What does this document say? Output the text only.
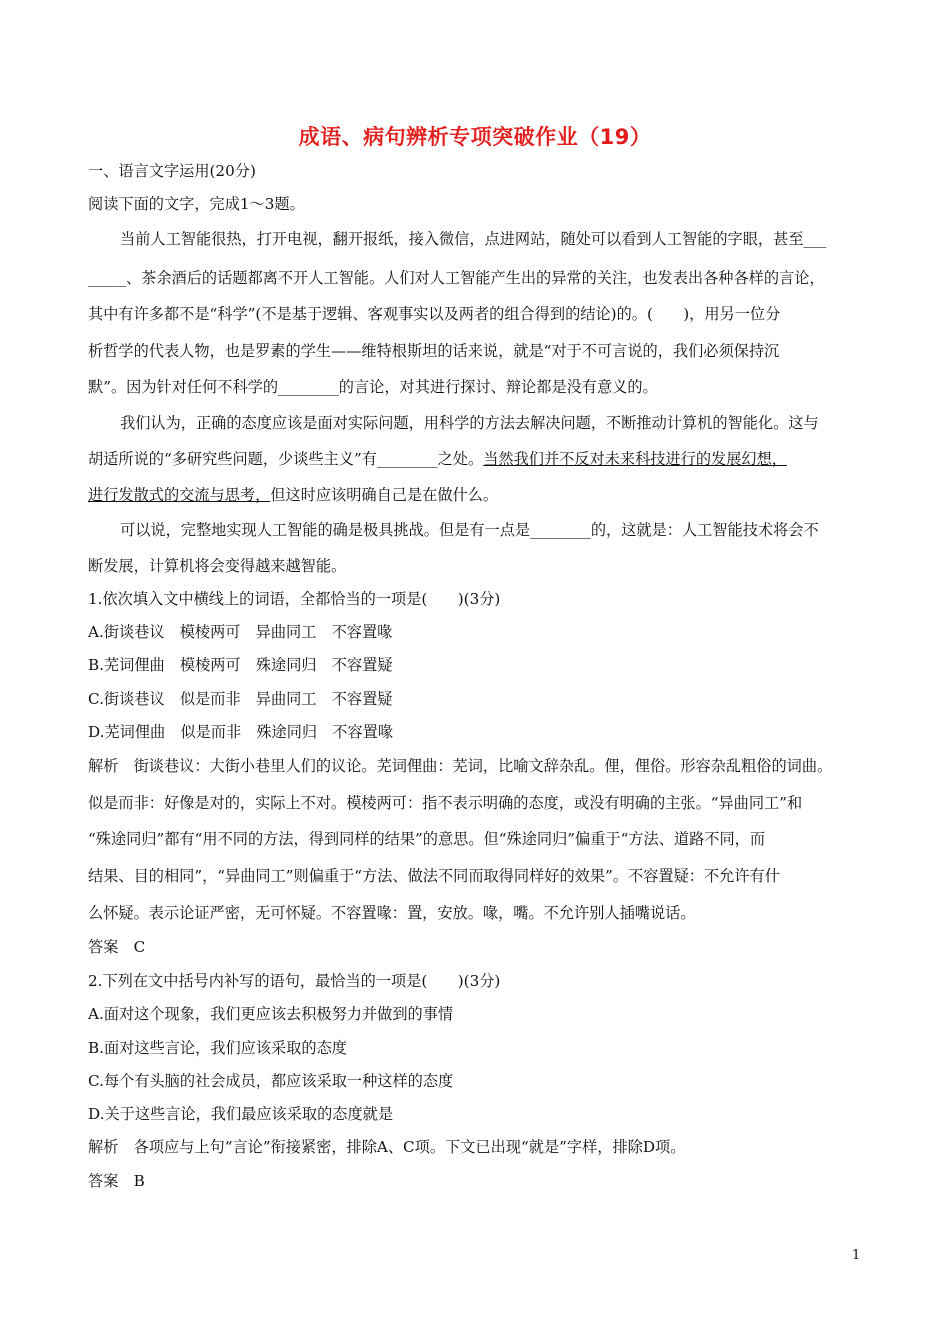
成语、病句辨析专项突破作业（19）
一、语言文字运用(20分)
阅读下面的文字，完成1～3题。
当前人工智能很热，打开电视，翻开报纸，接入微信，点进网站，随处可以看到人工智能的字眼，甚至___
_____、茶余酒后的话题都离不开人工智能。人们对人工智能产生出的异常的关注，也发表出各种各样的言论，
其中有许多都不是“科学”(不是基于逻辑、客观事实以及两者的组合得到的结论)的。(　　)，用另一位分
析哲学的代表人物，也是罗素的学生——维特根斯坦的话来说，就是“对于不可言说的，我们必须保持沉
默”。因为针对任何不科学的________的言论，对其进行探讨、辩论都是没有意义的。
我们认为，正确的态度应该是面对实际问题，用科学的方法去解决问题，不断推动计算机的智能化。这与
胡适所说的“多研究些问题，少谈些主义”有________之处。当然我们并不反对未来科技进行的发展幻想，
进行发散式的交流与思考，但这时应该明确自己是在做什么。
可以说，完整地实现人工智能的确是极具挑战。但是有一点是________的，这就是：人工智能技术将会不
断发展，计算机将会变得越来越智能。
1.依次填入文中横线上的词语，全都恰当的一项是(　　)(3分)
A.街谈巷议　模棱两可　异曲同工　不容置喙
B.芜词俚曲　模棱两可　殊途同归　不容置疑
C.街谈巷议　似是而非　异曲同工　不容置疑
D.芜词俚曲　似是而非　殊途同归　不容置喙
解析　街谈巷议：大街小巷里人们的议论。芜词俚曲：芜词，比喻文辞杂乱。俚，俚俗。形容杂乱粗俗的词曲。
似是而非：好像是对的，实际上不对。模棱两可：指不表示明确的态度，或没有明确的主张。“异曲同工”和
“殊途同归”都有“用不同的方法，得到同样的结果”的意思。但“殊途同归”偏重于“方法、道路不同，而
结果、目的相同”，“异曲同工”则偏重于“方法、做法不同而取得同样好的效果”。不容置疑：不允许有什
么怀疑。表示论证严密，无可怀疑。不容置喙：置，安放。喙，嘴。不允许别人插嘴说话。
答案　C
2.下列在文中括号内补写的语句，最恰当的一项是(　　)(3分)
A.面对这个现象，我们更应该去积极努力并做到的事情
B.面对这些言论，我们应该采取的态度
C.每个有头脑的社会成员，都应该采取一种这样的态度
D.关于这些言论，我们最应该采取的态度就是
解析　各项应与上句“言论”衔接紧密，排除A、C项。下文已出现“就是”字样，排除D项。
答案　B
1
